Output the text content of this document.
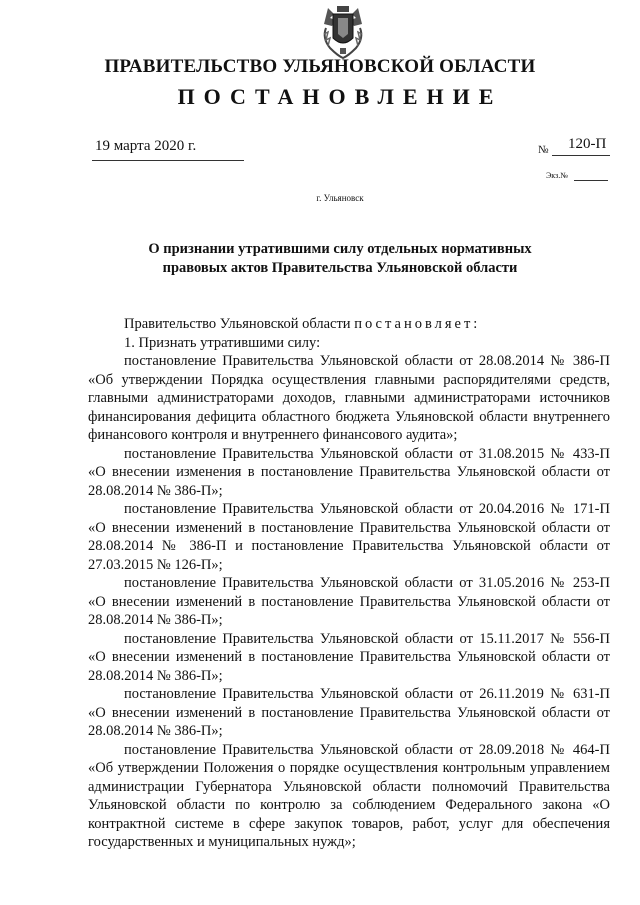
ПРАВИТЕЛЬСТВО УЛЬЯНОВСКОЙ ОБЛАСТИ
ПОСТАНОВЛЕНИЕ
19 марта 2020 г.	№ 120-П
Экз.№
г. Ульяновск
О признании утратившими силу отдельных нормативных
правовых актов Правительства Ульяновской области

Правительство Ульяновской области постановляет:

1. Признать утратившими силу:

постановление Правительства Ульяновской области от 28.08.2014 № 386-П «Об утверждении Порядка осуществления главными распорядителями средств, главными администраторами доходов, главными администраторами источников финансирования дефицита областного бюджета Ульяновской области внутреннего финансового контроля и внутреннего финансового аудита»;

постановление Правительства Ульяновской области от 31.08.2015 № 433-П «О внесении изменения в постановление Правительства Ульяновской области от 28.08.2014 № 386-П»;

постановление Правительства Ульяновской области от 20.04.2016 № 171-П «О внесении изменений в постановление Правительства Ульяновской области от 28.08.2014 № 386-П и постановление Правительства Ульяновской области от 27.03.2015 № 126-П»;

постановление Правительства Ульяновской области от 31.05.2016 № 253-П «О внесении изменений в постановление Правительства Ульяновской области от 28.08.2014 № 386-П»;

постановление Правительства Ульяновской области от 15.11.2017 № 556-П «О внесении изменений в постановление Правительства Ульяновской области от 28.08.2014 № 386-П»;

постановление Правительства Ульяновской области от 26.11.2019 № 631-П «О внесении изменений в постановление Правительства Ульяновской области от 28.08.2014 № 386-П»;

постановление Правительства Ульяновской области от 28.09.2018 № 464-П «Об утверждении Положения о порядке осуществления контрольным управлением администрации Губернатора Ульяновской области полномочий Правительства Ульяновской области по контролю за соблюдением Федерального закона «О контрактной системе в сфере закупок товаров, работ, услуг для обеспечения государственных и муниципальных нужд»;
